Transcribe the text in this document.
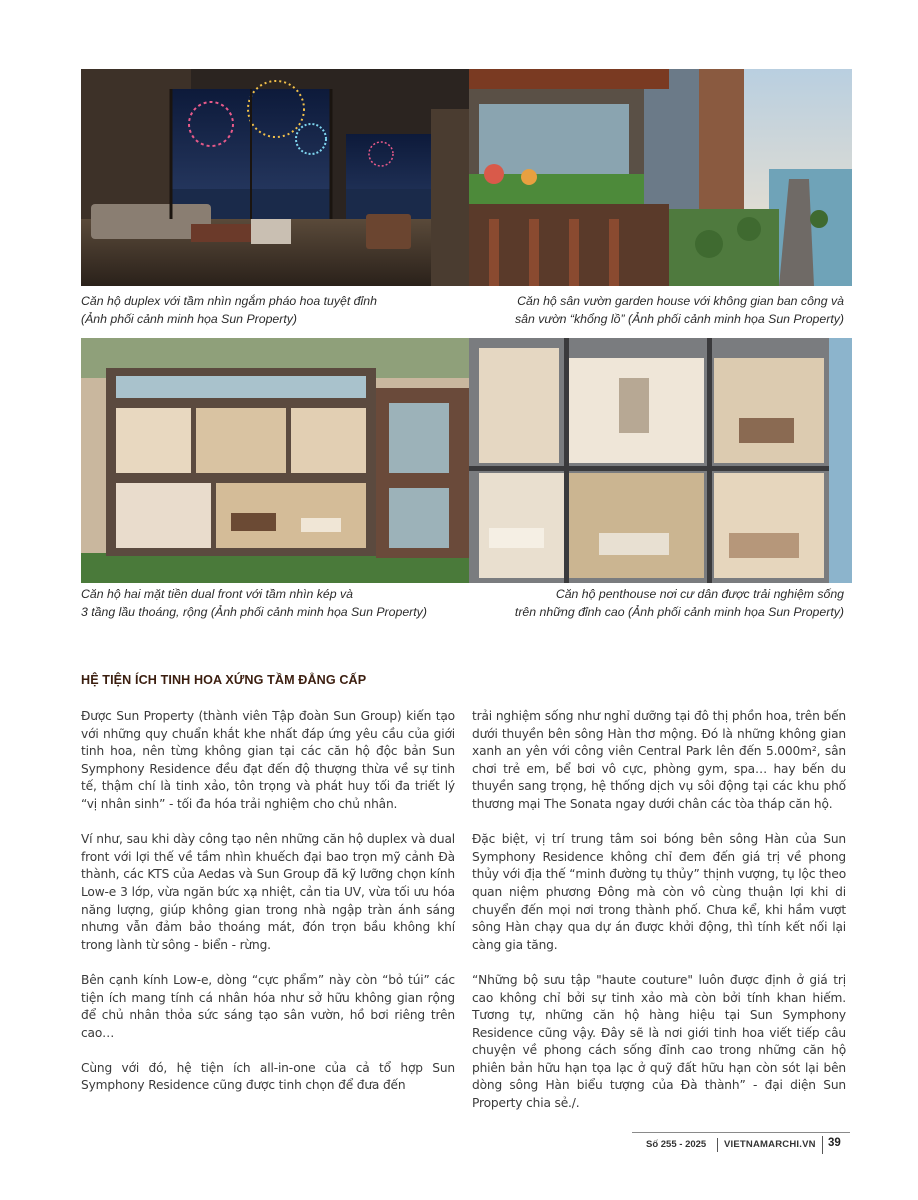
Căn hộ duplex với tầm nhìn ngắm pháo hoa tuyệt đỉnh
(Ảnh phối cảnh minh họa Sun Property)
Căn hộ sân vườn garden house với không gian ban công và
sân vườn “khổng lồ” (Ảnh phối cảnh minh họa Sun Property)
Căn hộ hai mặt tiền dual front với tầm nhìn kép và
3 tầng lầu thoáng, rộng (Ảnh phối cảnh minh họa Sun Property)
Căn hộ penthouse nơi cư dân được trải nghiệm sống
trên những đỉnh cao (Ảnh phối cảnh minh họa Sun Property)
HỆ TIỆN ÍCH TINH HOA XỨNG TẦM ĐẲNG CẤP

Được Sun Property (thành viên Tập đoàn Sun Group) kiến tạo với những quy chuẩn khắt khe nhất đáp ứng yêu cầu của giới tinh hoa, nên từng không gian tại các căn hộ độc bản Sun Symphony Residence đều đạt đến độ thượng thừa về sự tinh tế, thậm chí là tinh xảo, tôn trọng và phát huy tối đa triết lý “vị nhân sinh” - tối đa hóa trải nghiệm cho chủ nhân.

Ví như, sau khi dày công tạo nên những căn hộ duplex và dual front với lợi thế về tầm nhìn khuếch đại bao trọn mỹ cảnh Đà thành, các KTS của Aedas và Sun Group đã kỹ lưỡng chọn kính Low-e 3 lớp, vừa ngăn bức xạ nhiệt, cản tia UV, vừa tối ưu hóa năng lượng, giúp không gian trong nhà ngập tràn ánh sáng nhưng vẫn đảm bảo thoáng mát, đón trọn bầu không khí trong lành từ sông - biển - rừng.

Bên cạnh kính Low-e, dòng “cực phẩm” này còn “bỏ túi” các tiện ích mang tính cá nhân hóa như sở hữu không gian rộng để chủ nhân thỏa sức sáng tạo sân vườn, hồ bơi riêng trên cao…

Cùng với đó, hệ tiện ích all-in-one của cả tổ hợp Sun Symphony Residence cũng được tinh chọn để đưa đến

trải nghiệm sống như nghỉ dưỡng tại đô thị phồn hoa, trên bến dưới thuyền bên sông Hàn thơ mộng. Đó là những không gian xanh an yên với công viên Central Park lên đến 5.000m², sân chơi trẻ em, bể bơi vô cực, phòng gym, spa… hay bến du thuyền sang trọng, hệ thống dịch vụ sôi động tại các khu phố thương mại The Sonata ngay dưới chân các tòa tháp căn hộ.

Đặc biệt, vị trí trung tâm soi bóng bên sông Hàn của Sun Symphony Residence không chỉ đem đến giá trị về phong thủy với địa thế “minh đường tụ thủy” thịnh vượng, tụ lộc theo quan niệm phương Đông mà còn vô cùng thuận lợi khi di chuyển đến mọi nơi trong thành phố. Chưa kể, khi hầm vượt sông Hàn chạy qua dự án được khởi động, thì tính kết nối lại càng gia tăng.

“Những bộ sưu tập "haute couture" luôn được định ở giá trị cao không chỉ bởi sự tinh xảo mà còn bởi tính khan hiếm. Tương tự, những căn hộ hàng hiệu tại Sun Symphony Residence cũng vậy. Đây sẽ là nơi giới tinh hoa viết tiếp câu chuyện về phong cách sống đỉnh cao trong những căn hộ phiên bản hữu hạn tọa lạc ở quỹ đất hữu hạn còn sót lại bên dòng sông Hàn biểu tượng của Đà thành” - đại diện Sun Property chia sẻ./.

Số 255 - 2025 VIETNAMARCHI.VN 39
